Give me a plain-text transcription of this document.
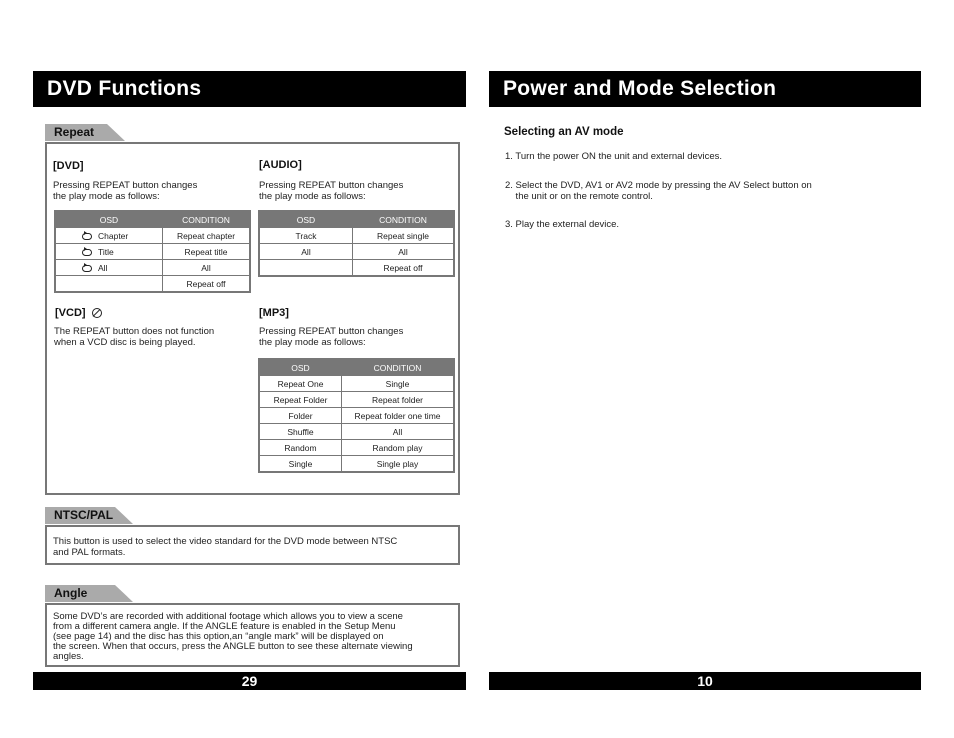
DVD Functions	Power and Mode Selection
Repeat
[DVD]
Pressing REPEAT button changes
the play mode as follows:
OSD	CONDITION
Chapter	Repeat chapter
Title	Repeat title
All	All
	Repeat off
[AUDIO]
Pressing REPEAT button changes
the play mode as follows:
OSD	CONDITION
Track	Repeat single
All	All
	Repeat off
[VCD]
The REPEAT button does not function
when a VCD disc is being played.
[MP3]
Pressing REPEAT button changes
the play mode as follows:
OSD	CONDITION
Repeat One	Single
Repeat Folder	Repeat folder
Folder	Repeat folder one time
Shuffle	All
Random	Random play
Single	Single play
NTSC/PAL
This button is used to select the video standard for the DVD mode between NTSC
and PAL formats.
Angle
Some DVD’s are recorded with additional footage which allows you to view a scene
from a different camera angle. If the ANGLE feature is enabled in the Setup Menu
(see page 14) and the disc has this option,an “angle mark” will be displayed on
the screen. When that occurs, press the ANGLE button to see these alternate viewing
angles.
Selecting an AV mode
1. Turn the power ON the unit and external devices.
2. Select the DVD, AV1 or AV2 mode by pressing the AV Select button on
the unit or on the remote control.
3. Play the external device.
29	10
